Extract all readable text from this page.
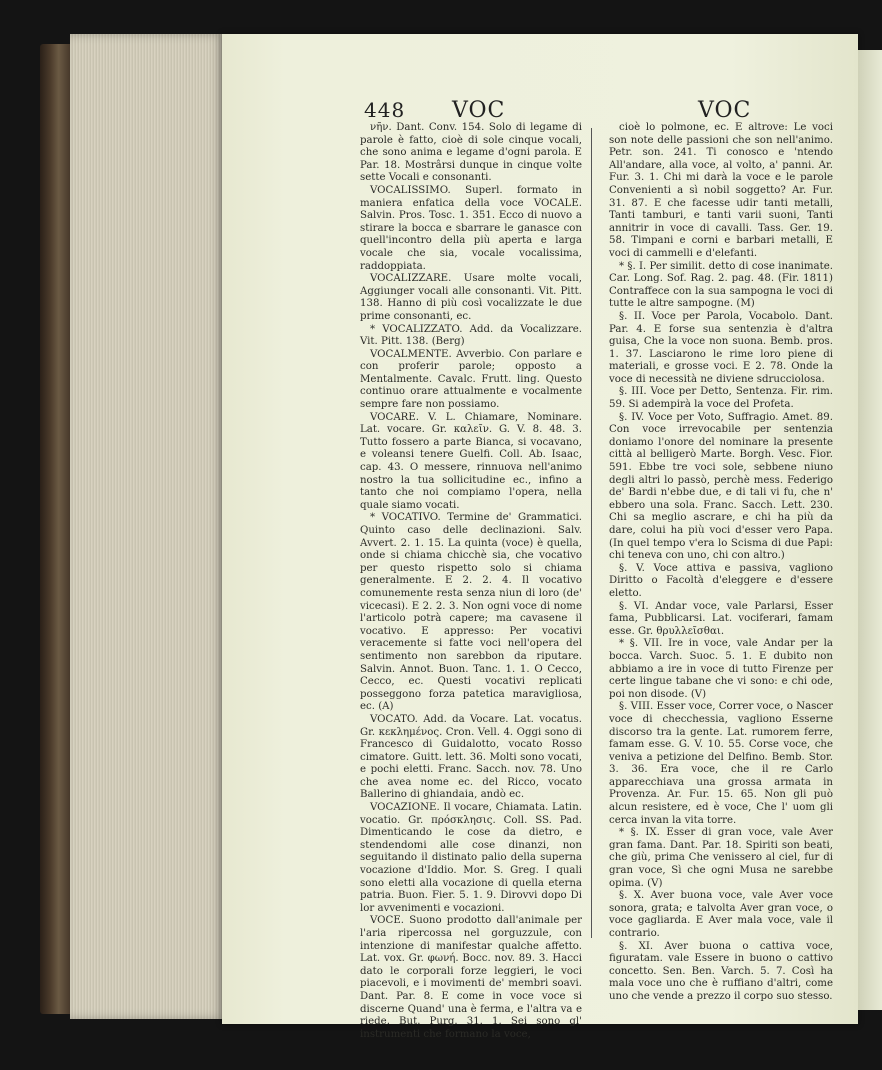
448 VOC	VOC

νῆν. Dant. Conv. 154. Solo di legame di parole è fatto, cioè di sole cinque vocali, che sono anima e legame d'ogni parola. E Par. 18. Mostrârsi dunque in cinque volte sette Vocali e consonanti.

VOCALISSIMO. Superl. formato in maniera enfatica della voce VOCALE. Salvin. Pros. Tosc. 1. 351. Ecco di nuovo a stirare la bocca e sbarrare le ganasce con quell'incontro della più aperta e larga vocale che sia, vocale vocalissima, raddoppiata.

VOCALIZZARE. Usare molte vocali, Aggiunger vocali alle consonanti. Vit. Pitt. 138. Hanno di più così vocalizzate le due prime consonanti, ec.

* VOCALIZZATO. Add. da Vocalizzare. Vit. Pitt. 138. (Berg)

VOCALMENTE. Avverbio. Con parlare e con proferir parole; opposto a Mentalmente. Cavalc. Frutt. ling. Questo continuo orare attualmente e vocalmente sempre fare non possiamo.

VOCARE. V. L. Chiamare, Nominare. Lat. vocare. Gr. καλεῖν. G. V. 8. 48. 3. Tutto fossero a parte Bianca, si vocavano, e voleansi tenere Guelfi. Coll. Ab. Isaac, cap. 43. O messere, rinnuova nell'animo nostro la tua sollicitudine ec., infino a tanto che noi compiamo l'opera, nella quale siamo vocati.

* VOCATIVO. Termine de' Grammatici. Quinto caso delle declinazioni. Salv. Avvert. 2. 1. 15. La quinta (voce) è quella, onde si chiama chicchè sia, che vocativo per questo rispetto solo si chiama generalmente. E 2. 2. 4. Il vocativo comunemente resta senza niun di loro (de' vicecasi). E 2. 2. 3. Non ogni voce di nome l'articolo potrà capere; ma cavasene il vocativo. E appresso: Per vocativi veracemente si fatte voci nell'opera del sentimento non sarebbon da riputare. Salvin. Annot. Buon. Tanc. 1. 1. O Cecco, Cecco, ec. Questi vocativi replicati posseggono forza patetica maravigliosa, ec. (A)

VOCATO. Add. da Vocare. Lat. vocatus. Gr. κεκλημένος. Cron. Vell. 4. Oggi sono di Francesco di Guidalotto, vocato Rosso cimatore. Guitt. lett. 36. Molti sono vocati, e pochi eletti. Franc. Sacch. nov. 78. Uno che avea nome ec. del Ricco, vocato Ballerino di ghiandaia, andò ec.

VOCAZIONE. Il vocare, Chiamata. Latin. vocatio. Gr. πρόσκλησις. Coll. SS. Pad. Dimenticando le cose da dietro, e stendendomi alle cose dinanzi, non seguitando il distinato palio della superna vocazione d'Iddio. Mor. S. Greg. I quali sono eletti alla vocazione di quella eterna patria. Buon. Fier. 5. 1. 9. Dirovvi dopo Di lor avvenimenti e vocazioni.

VOCE. Suono prodotto dall'animale per l'aria ripercossa nel gorguzzule, con intenzione di manifestar qualche affetto. Lat. vox. Gr. φωνή. Bocc. nov. 89. 3. Hacci dato le corporali forze leggieri, le voci piacevoli, e i movimenti de' membri soavi. Dant. Par. 8. E come in voce voce si discerne Quand' una è ferma, e l'altra va e riede. But. Purg. 31. 1. Sei sono gl' instrumenti che formano la voce,

cioè lo polmone, ec. E altrove: Le voci son note delle passioni che son nell'animo. Petr. son. 241. Ti conosco e 'ntendo All'andare, alla voce, al volto, a' panni. Ar. Fur. 3. 1. Chi mi darà la voce e le parole Convenienti a sì nobil soggetto? Ar. Fur. 31. 87. E che facesse udir tanti metalli, Tanti tamburi, e tanti varii suoni, Tanti annitrir in voce di cavalli. Tass. Ger. 19. 58. Timpani e corni e barbari metalli, E voci di cammelli e d'elefanti.

* §. I. Per similit. detto di cose inanimate. Car. Long. Sof. Rag. 2. pag. 48. (Fir. 1811) Contraffece con la sua sampogna le voci di tutte le altre sampogne. (M)

§. II. Voce per Parola, Vocabolo. Dant. Par. 4. E forse sua sentenzia è d'altra guisa, Che la voce non suona. Bemb. pros. 1. 37. Lasciarono le rime loro piene di materiali, e grosse voci. E 2. 78. Onde la voce di necessità ne diviene sdrucciolosa.

§. III. Voce per Detto, Sentenza. Fir. rim. 59. Si adempirà la voce del Profeta.

§. IV. Voce per Voto, Suffragio. Amet. 89. Con voce irrevocabile per sentenzia doniamo l'onore del nominare la presente città al belligerò Marte. Borgh. Vesc. Fior. 591. Ebbe tre voci sole, sebbene niuno degli altri lo passò, perchè mess. Federigo de' Bardi n'ebbe due, e di tali vi fu, che n' ebbero una sola. Franc. Sacch. Lett. 230. Chi sa meglio ascrare, e chi ha più da dare, colui ha più voci d'esser vero Papa. (In quel tempo v'era lo Scisma di due Papi: chi teneva con uno, chi con altro.)

§. V. Voce attiva e passiva, vagliono Diritto o Facoltà d'eleggere e d'essere eletto.

§. VI. Andar voce, vale Parlarsi, Esser fama, Pubblicarsi. Lat. vociferari, famam esse. Gr. θρυλλεῖσθαι.

* §. VII. Ire in voce, vale Andar per la bocca. Varch. Suoc. 5. 1. E dubito non abbiamo a ire in voce di tutto Firenze per certe lingue tabane che vi sono: e chi ode, poi non disode. (V)

§. VIII. Esser voce, Correr voce, o Nascer voce di checchessia, vagliono Esserne discorso tra la gente. Lat. rumorem ferre, famam esse. G. V. 10. 55. Corse voce, che veniva a petizione del Delfino. Bemb. Stor. 3. 36. Era voce, che il re Carlo apparecchiava una grossa armata in Provenza. Ar. Fur. 15. 65. Non gli può alcun resistere, ed è voce, Che l' uom gli cerca invan la vita torre.

* §. IX. Esser di gran voce, vale Aver gran fama. Dant. Par. 18. Spiriti son beati, che giù, prima Che venissero al ciel, fur di gran voce, Sì che ogni Musa ne sarebbe opima. (V)

§. X. Aver buona voce, vale Aver voce sonora, grata; e talvolta Aver gran voce, o voce gagliarda. E Aver mala voce, vale il contrario.

§. XI. Aver buona o cattiva voce, figuratam. vale Essere in buono o cattivo concetto. Sen. Ben. Varch. 5. 7. Così ha mala voce uno che è ruffiano d'altri, come uno che vende a prezzo il corpo suo stesso.
